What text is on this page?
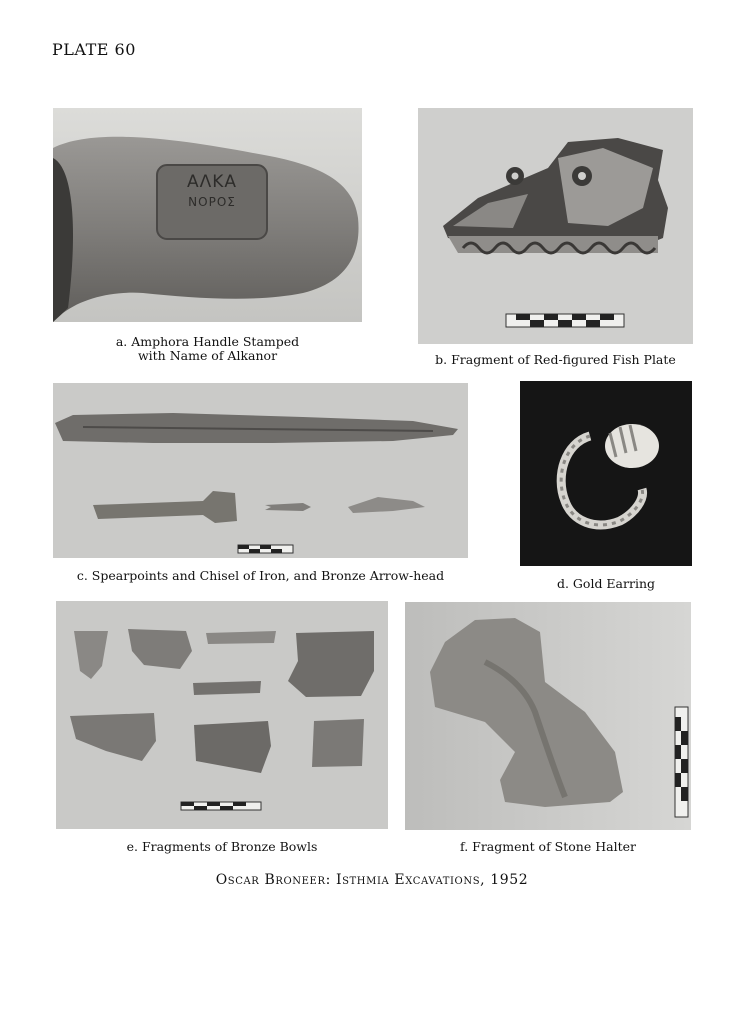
PLATE 60
ΑΛΚΑ
ΝΟΡΟΣ
a. Amphora Handle Stamped
with Name of Alkanor	b. Fragment of Red-figured Fish Plate
c. Spearpoints and Chisel of Iron, and Bronze Arrow-head
d. Gold Earring
e. Fragments of Bronze Bowls	f. Fragment of Stone Halter
Oscar Broneer: Isthmia Excavations, 1952
